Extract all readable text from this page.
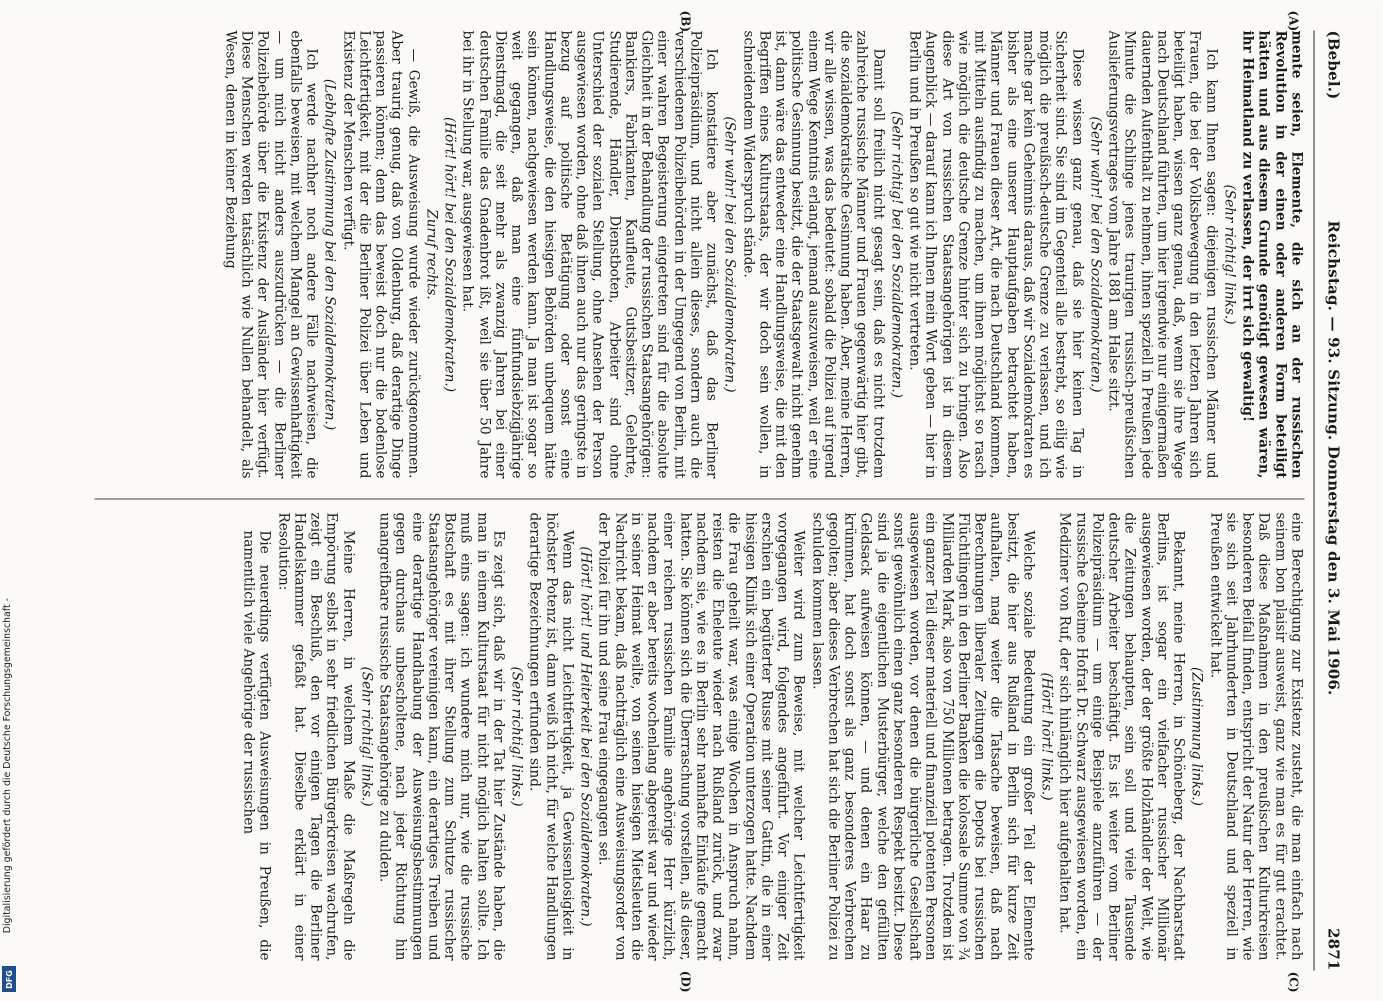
(Bebel.)
Reichstag. — 93. Sitzung. Donnerstag den 3. Mai 1906.
2871
(A)
(B)
(C)
(D)

mente seien, Elemente, die sich an der russischen Revolution in der einen oder anderen Form beteiligt hätten und aus diesem Grunde genötigt gewesen wären, ihr Heimatland zu verlassen, der irrt sich gewaltig!

(Sehr richtig! links.)

Ich kann Ihnen sagen: diejenigen russischen Männer und Frauen, die bei der Volksbewegung in den letzten Jahren sich beteiligt haben, wissen ganz genau, daß, wenn sie ihre Wege nach Deutschland führten, um hier irgendwie nur einigermaßen dauernden Aufenthalt zu nehmen, ihnen speziell in Preußen jede Minute die Schlinge jenes traurigen russisch-preußischen Auslieferungsvertrages vom Jahre 1881 am Halse sitzt.

(Sehr wahr! bei den Sozialdemokraten.)

Diese wissen ganz genau, daß sie hier keinen Tag in Sicherheit sind. Sie sind im Gegenteil alle bestrebt, so eilig wie möglich die preußisch-deutsche Grenze zu verlassen, und ich mache gar kein Geheimnis daraus, daß wir Sozialdemokraten es bisher als eine unserer Hauptaufgaben betrachtet haben, Männer und Frauen dieser Art, die nach Deutschland kommen, mit Mitteln ausfindig zu machen, um ihnen möglichst so rasch wie möglich die deutsche Grenze hinter sich zu bringen. Also diese Art von russischen Staatsangehörigen ist in diesem Augenblick — darauf kann ich Ihnen mein Wort geben — hier in Berlin und in Preußen so gut wie nicht vertreten.

(Sehr richtig! bei den Sozialdemokraten.)

Damit soll freilich nicht gesagt sein, daß es nicht trotzdem zahlreiche russische Männer und Frauen gegenwärtig hier gibt, die sozialdemokratische Gesinnung haben. Aber, meine Herren, wir alle wissen, was das bedeutet: sobald die Polizei auf irgend einem Wege Kenntnis erlangt, jemand auszuweisen, weil er eine politische Gesinnung besitzt, die der Staatsgewalt nicht genehm ist, dann wäre das entweder eine Handlungsweise, die mit den Begriffen eines Kulturstaats, der wir doch sein wollen, in schneidendem Widerspruch stände.

(Sehr wahr! bei den Sozialdemokraten.)

Ich konstatiere aber zunächst, daß das Berliner Polizeipräsidium, und nicht allein dieses, sondern auch die verschiedenen Polizeibehörden in der Umgegend von Berlin, mit einer wahren Begeisterung eingetreten sind für die absolute Gleichheit in der Behandlung der russischen Staatsangehörigen: Bankiers, Fabrikanten, Kaufleute, Gutsbesitzer, Gelehrte, Studierende, Händler, Dienstboten, Arbeiter sind ohne Unterschied der sozialen Stellung, ohne Ansehen der Person ausgewiesen worden, ohne daß ihnen auch nur das geringste in bezug auf politische Betätigung oder sonst eine Handlungsweise, die den hiesigen Behörden unbequem hätte sein können, nachgewiesen werden kann. Ja man ist sogar so weit gegangen, daß man eine fünfundsiebzigjährige Dienstmagd, die seit mehr als zwanzig Jahren bei einer deutschen Familie das Gnadenbrot ißt, weil sie über 50 Jahre bei ihr in Stellung war, ausgewiesen hat.

(Hört! hört! bei den Sozialdemokraten.)

Zuruf rechts.

— Gewiß, die Ausweisung wurde wieder zurückgenommen. Aber traurig genug, daß von Oldenburg, daß derartige Dinge passieren können; denn das beweist doch nur die bodenlose Leichtfertigkeit, mit der die Berliner Polizei über Leben und Existenz der Menschen verfügt.

(Lebhafte Zustimmung bei den Sozialdemokraten.)

Ich werde nachher noch andere Fälle nachweisen, die ebenfalls beweisen, mit welchem Mangel an Gewissenhaftigkeit — um mich nicht anders auszudrücken — die Berliner Polizeibehörde über die Existenz der Ausländer hier verfügt. Diese Menschen werden tatsächlich wie Nullen behandelt, als Wesen, denen in keiner Beziehung

eine Berechtigung zur Existenz zusteht, die man einfach nach seinem bon plaisir ausweist, ganz wie man es für gut erachtet. Daß diese Maßnahmen in den preußischen Kulturkreisen besonderen Beifall finden, entspricht der Natur der Herren, wie sie sich seit Jahrhunderten in Deutschland und speziell in Preußen entwickelt hat.

(Zustimmung links.)

Bekannt, meine Herren, in Schöneberg, der Nachbarstadt Berlins, ist sogar ein vielfacher russischer Millionär ausgewiesen worden, der der größte Holzhändler der Welt, wie die Zeitungen behaupten, sein soll und viele Tausende deutscher Arbeiter beschäftigt. Es ist weiter vom Berliner Polizeipräsidium — um einige Beispiele anzuführen — der russische Geheime Hofrat Dr. Schwarz ausgewiesen worden, ein Mediziner von Ruf, der sich hinlänglich hier aufgehalten hat.

(Hört! hört! links.)

Welche soziale Bedeutung ein großer Teil der Elemente besitzt, die hier aus Rußland in Berlin sich für kurze Zeit aufhalten, mag weiter die Tatsache beweisen, daß nach Berechnungen liberaler Zeitungen die Depots bei russischen Flüchtlingen in den Berliner Banken die kolossale Summe von ¾ Milliarden Mark, also von 750 Millionen betragen. Trotzdem ist ein ganzer Teil dieser materiell und finanziell potenten Personen ausgewiesen worden, vor denen die bürgerliche Gesellschaft sonst gewöhnlich einen ganz besonderen Respekt besitzt. Diese sind ja die eigentlichen Musterbürger, welche den gefüllten Geldsack aufweisen können, — und denen ein Haar zu krümmen, hat doch sonst als ganz besonderes Verbrechen gegolten; aber dieses Verbrechen hat sich die Berliner Polizei zu schulden kommen lassen.

Weiter wird zum Beweise, mit welcher Leichtfertigkeit vorgegangen wird, folgendes angeführt. Vor einiger Zeit erschien ein begüterter Russe mit seiner Gattin, die in einer hiesigen Klinik sich einer Operation unterzogen hatte. Nachdem die Frau geheilt war, was einige Wochen in Anspruch nahm, reisten die Eheleute wieder nach Rußland zurück, und zwar nachdem sie, wie es in Berlin sehr namhafte Einkäufe gemacht hatten. Sie können sich die Überraschung vorstellen, als dieser, einer reichen russischen Familie angehörige Herr kürzlich, nachdem er aber bereits wochenlang abgereist war und wieder in seiner Heimat weilte, von seinen hiesigen Mietsleuten die Nachricht bekam, daß nachträglich eine Ausweisungsorder von der Polizei für ihn und seine Frau eingegangen sei.

(Hört! hört! und Heiterkeit bei den Sozialdemokraten.)

Wenn das nicht Leichtfertigkeit, ja Gewissenlosigkeit in höchster Potenz ist, dann weiß ich nicht, für welche Handlungen derartige Bezeichnungen erfunden sind.

(Sehr richtig! links.)

Es zeigt sich, daß wir in der Tat hier Zustände haben, die man in einem Kulturstaat für nicht möglich halten sollte. Ich muß eins sagen: ich wundere mich nur, wie die russische Botschaft es mit ihrer Stellung zum Schutze russischer Staatsangehöriger vereinigen kann, ein derartiges Treiben und eine derartige Handhabung der Ausweisungsbestimmungen gegen durchaus unbescholtene, nach jeder Richtung hin unangreifbare russische Staatsangehörige zu dulden.

(Sehr richtig! links.)

Meine Herren, in welchem Maße die Maßregeln die Empörung selbst in sehr friedlichen Bürgerkreisen wachrufen, zeigt ein Beschluß, den vor einigen Tagen die Berliner Handelskammer gefaßt hat. Dieselbe erklärt in einer Resolution:

Die neuerdings verfügten Ausweisungen in Preußen, die namentlich viele Angehörige der russischen

Digitalisierung gefördert durch die Deutsche Forschungsgemeinschaft -
DFG
